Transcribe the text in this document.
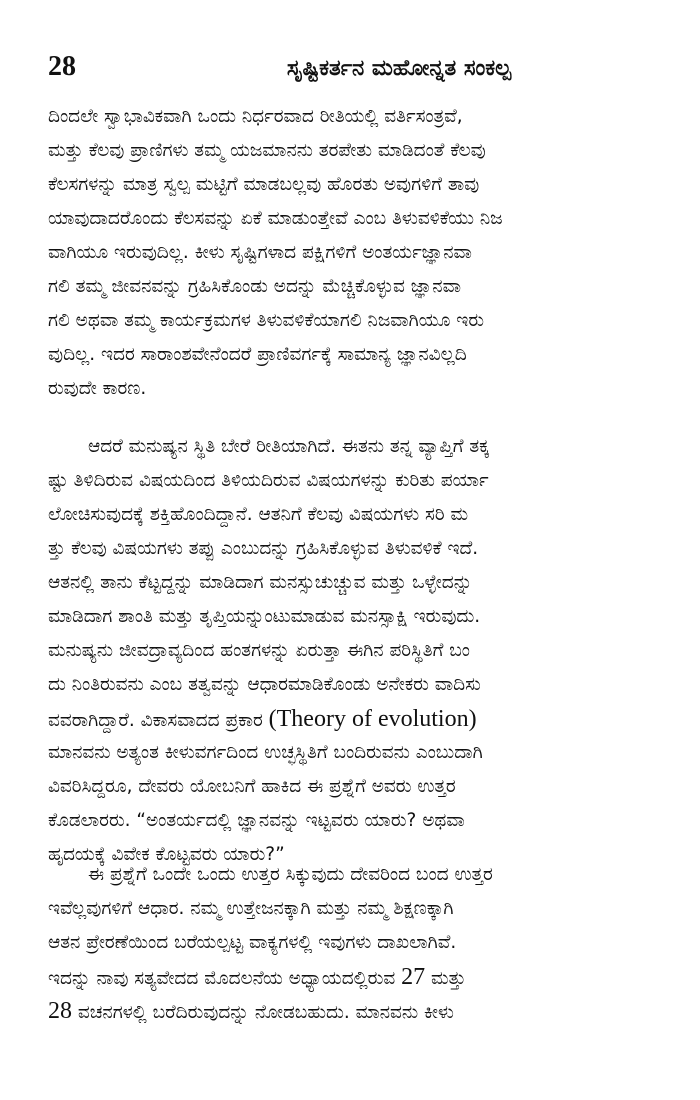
28	ಸೃಷ್ಟಿಕರ್ತನ ಮಹೋನ್ನತ ಸಂಕಲ್ಪ
ದಿಂದಲೇ ಸ್ವಾಭಾವಿಕವಾಗಿ ಒಂದು ನಿರ್ಧರವಾದ ರೀತಿಯಲ್ಲಿ ವರ್ತಿಸಂತ್ರವೆ,
ಮತ್ತು ಕೆಲವು ಪ್ರಾಣಿಗಳು ತಮ್ಮ ಯಜಮಾನನು ತರಪೇತು ಮಾಡಿದಂತೆ ಕೆಲವು
ಕೆಲಸಗಳನ್ನು ಮಾತ್ರ ಸ್ವಲ್ಪ ಮಟ್ಟಿಗೆ ಮಾಡಬಲ್ಲವು ಹೊರತು ಅವುಗಳಿಗೆ ತಾವು
ಯಾವುದಾದರೊಂದು ಕೆಲಸವನ್ನು ಏಕೆ ಮಾಡುಂತ್ತೇವೆ ಎಂಬ ತಿಳುವಳಿಕೆಯು ನಿಜ
ವಾಗಿಯೂ ಇರುವುದಿಲ್ಲ. ಕೀಳು ಸೃಷ್ಟಿಗಳಾದ ಪಕ್ಷಿಗಳಿಗೆ ಅಂತರ್ಯಜ್ಞಾನವಾ
ಗಲಿ ತಮ್ಮ ಜೀವನವನ್ನು ಗ್ರಹಿಸಿಕೊಂಡು ಅದನ್ನು ಮೆಚ್ಚಿಕೊಳ್ಳುವ ಜ್ಞಾನವಾ
ಗಲಿ ಅಥವಾ ತಮ್ಮ ಕಾರ್ಯಕ್ರಮಗಳ ತಿಳುವಳಿಕೆಯಾಗಲಿ ನಿಜವಾಗಿಯೂ ಇರು
ವುದಿಲ್ಲ. ಇದರ ಸಾರಾಂಶವೇನೆಂದರೆ ಪ್ರಾಣಿವರ್ಗಕ್ಕೆ ಸಾಮಾನ್ಯ ಜ್ಞಾನವಿಲ್ಲದಿ
ರುವುದೇ ಕಾರಣ.
ಆದರೆ ಮನುಷ್ಯನ ಸ್ಥಿತಿ ಬೇರೆ ರೀತಿಯಾಗಿದೆ. ಈತನು ತನ್ನ ವ್ಯಾಪ್ತಿಗೆ ತಕ್ಕ
ಷ್ಟು ತಿಳಿದಿರುವ ವಿಷಯದಿಂದ ತಿಳಿಯದಿರುವ ವಿಷಯಗಳನ್ನು ಕುರಿತು ಪರ್ಯಾ
ಲೋಚಿಸುವುದಕ್ಕೆ ಶಕ್ತಿಹೊಂದಿದ್ದಾನೆ. ಆತನಿಗೆ ಕೆಲವು ವಿಷಯಗಳು ಸರಿ ಮ
ತ್ತು ಕೆಲವು ವಿಷಯಗಳು ತಪ್ಪು ಎಂಬುದನ್ನು ಗ್ರಹಿಸಿಕೊಳ್ಳುವ ತಿಳುವಳಿಕೆ ಇದೆ.
ಆತನಲ್ಲಿ ತಾನು ಕೆಟ್ಟದ್ದನ್ನು ಮಾಡಿದಾಗ ಮನಸ್ಸುಚುಚ್ಚುವ ಮತ್ತು ಒಳ್ಳೇದನ್ನು
ಮಾಡಿದಾಗ ಶಾಂತಿ ಮತ್ತು ತೃಪ್ತಿಯನ್ನುಂಟುಮಾಡುವ ಮನಸ್ಸಾಕ್ಷಿ ಇರುವುದು.
ಮನುಷ್ಯನು ಜೀವದ್ರಾವ್ಯದಿಂದ ಹಂತಗಳನ್ನು ಏರುತ್ತಾ ಈಗಿನ ಪರಿಸ್ಥಿತಿಗೆ ಬಂ
ದು ನಿಂತಿರುವನು ಎಂಬ ತತ್ವವನ್ನು ಆಧಾರಮಾಡಿಕೊಂಡು ಅನೇಕರು ವಾದಿಸು
ವವರಾಗಿದ್ದಾರೆ. ವಿಕಾಸವಾದದ ಪ್ರಕಾರ (Theory of evolution)
ಮಾನವನು ಅತ್ಯಂತ ಕೀಳುವರ್ಗದಿಂದ ಉಚ್ಛಸ್ಥಿತಿಗೆ ಬಂದಿರುವನು ಎಂಬುದಾಗಿ
ವಿವರಿಸಿದ್ದರೂ, ದೇವರು ಯೋಬನಿಗೆ ಹಾಕಿದ ಈ ಪ್ರಶ್ನೆಗೆ ಅವರು ಉತ್ತರ
ಕೊಡಲಾರರು. “ಅಂತರ್ಯದಲ್ಲಿ ಜ್ಞಾನವನ್ನು ಇಟ್ಟವರು ಯಾರು? ಅಥವಾ
ಹೃದಯಕ್ಕೆ ವಿವೇಕ ಕೊಟ್ಟವರು ಯಾರು?”
ಈ ಪ್ರಶ್ನೆಗೆ ಒಂದೇ ಒಂದು ಉತ್ತರ ಸಿಕ್ಕುವುದು ದೇವರಿಂದ ಬಂದ ಉತ್ತರ
ಇವೆಲ್ಲವುಗಳಿಗೆ ಆಧಾರ. ನಮ್ಮ ಉತ್ತೇಜನಕ್ಕಾಗಿ ಮತ್ತು ನಮ್ಮ ಶಿಕ್ಷಣಕ್ಕಾಗಿ
ಆತನ ಪ್ರೇರಣೆಯಿಂದ ಬರೆಯಲ್ಪಟ್ಟ ವಾಕ್ಯಗಳಲ್ಲಿ ಇವುಗಳು ದಾಖಲಾಗಿವೆ.
ಇದನ್ನು ನಾವು ಸತ್ಯವೇದದ ಮೊದಲನೆಯ ಅಧ್ಯಾಯದಲ್ಲಿರುವ 27 ಮತ್ತು
28 ವಚನಗಳಲ್ಲಿ ಬರೆದಿರುವುದನ್ನು ನೋಡಬಹುದು. ಮಾನವನು ಕೀಳು
